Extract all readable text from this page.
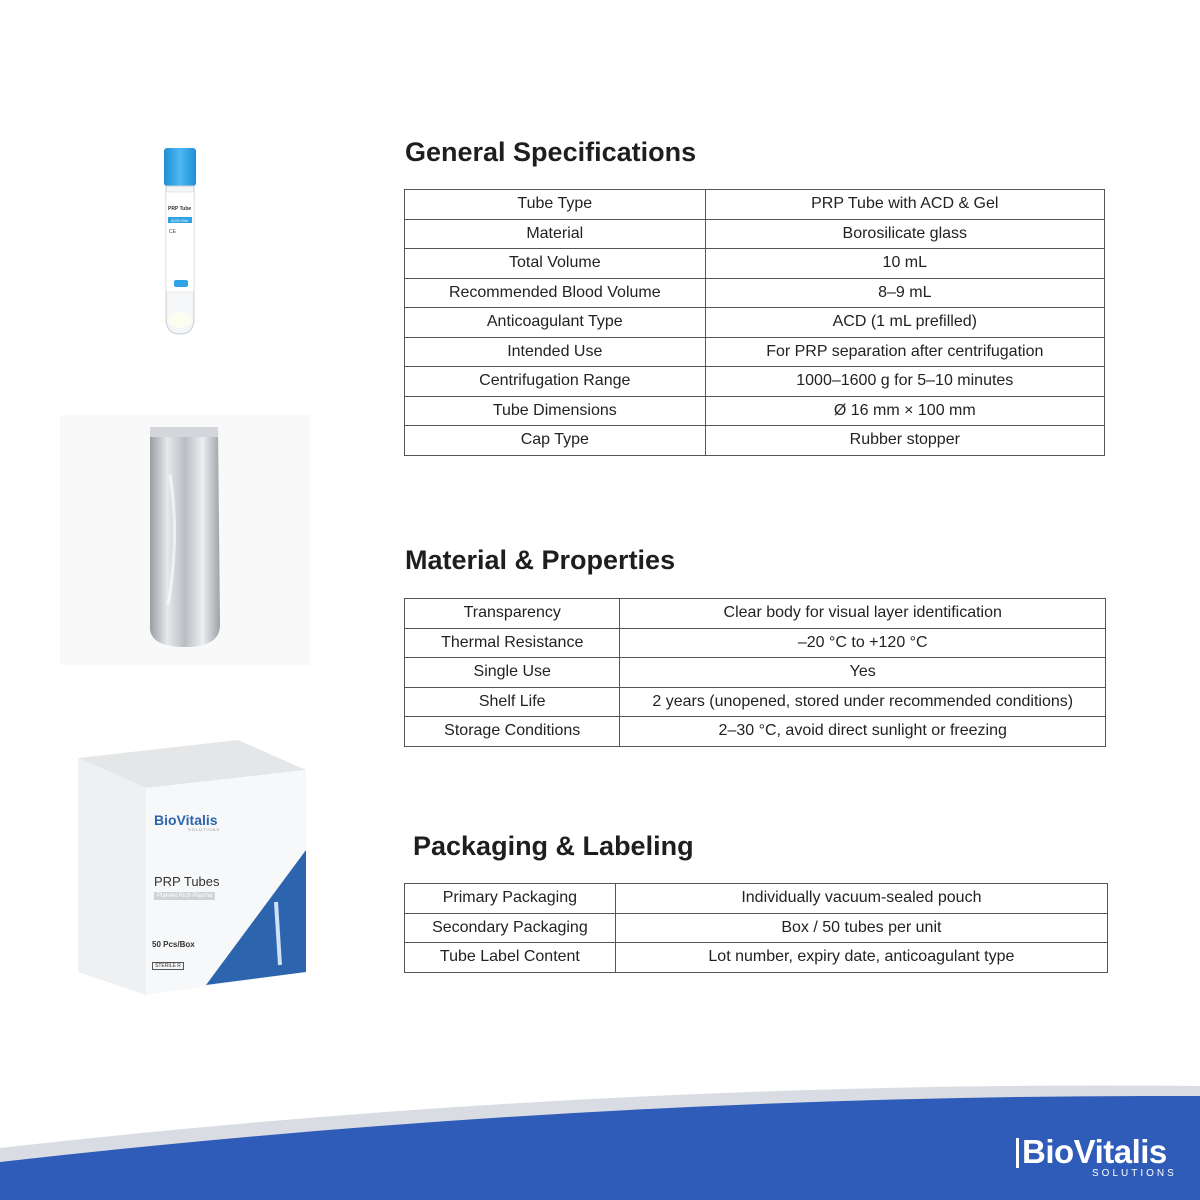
PRP Tube
ACD+Gel
CE
BioVitalis
SOLUTIONS
PRP Tubes
Platelet Rich Plasma
50 Pcs/Box
STERILE R
General Specifications
Tube Type	PRP Tube with ACD & Gel
Material	Borosilicate glass
Total Volume	10 mL
Recommended Blood Volume	8–9 mL
Anticoagulant Type	ACD (1 mL prefilled)
Intended Use	For PRP separation after centrifugation
Centrifugation Range	1000–1600 g for 5–10 minutes
Tube Dimensions	Ø 16 mm × 100 mm
Cap Type	Rubber stopper
Material & Properties
Transparency	Clear body for visual layer identification
Thermal Resistance	–20 °C to +120 °C
Single Use	Yes
Shelf Life	2 years (unopened, stored under recommended conditions)
Storage Conditions	2–30 °C, avoid direct sunlight or freezing
Packaging & Labeling
Primary Packaging	Individually vacuum-sealed pouch
Secondary Packaging	Box / 50 tubes per unit
Tube Label Content	Lot number, expiry date, anticoagulant type
BioVitalis
SOLUTIONS
